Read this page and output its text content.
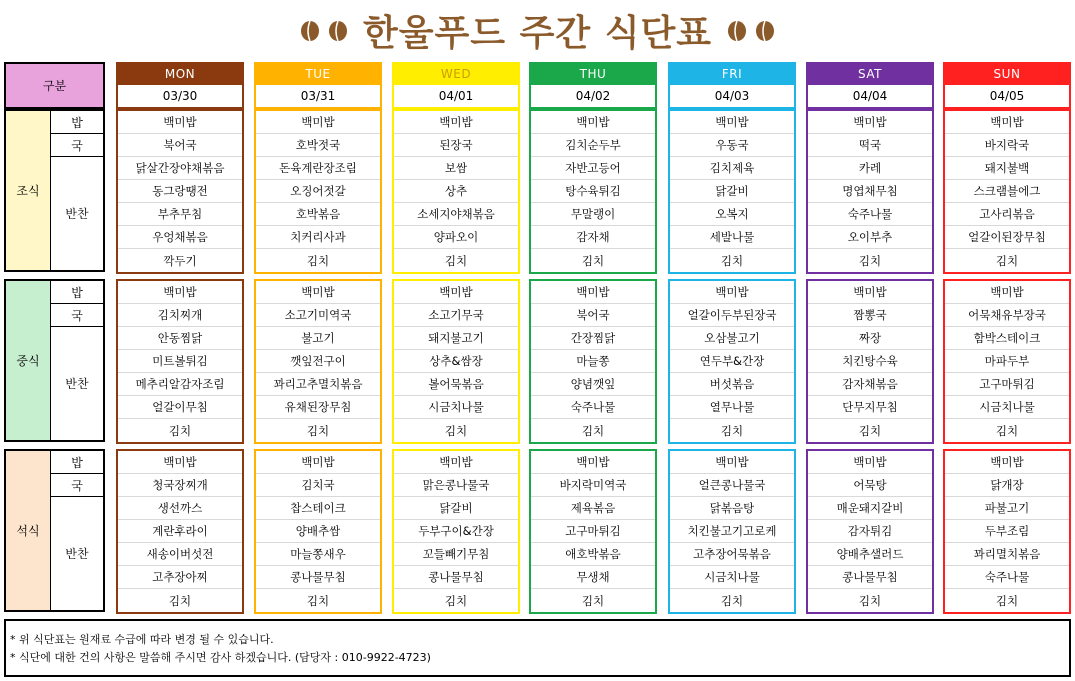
한울푸드 주간 식단표
구분
조식
밥
국
반찬
중식
밥
국
반찬
석식
밥
국
반찬
MON
03/30
백미밥
북어국
닭살간장야채볶음
동그랑땡전
부추무침
우엉채볶음
깍두기
백미밥
김치찌개
안동찜닭
미트볼튀김
메추리알감자조림
얼갈이무침
김치
백미밥
청국장찌개
생선까스
계란후라이
새송이버섯전
고추장아찌
김치
TUE
03/31
백미밥
호박젓국
돈육계란장조림
오징어젓갈
호박볶음
치커리사과
김치
백미밥
소고기미역국
불고기
깻잎전구이
꽈리고추멸치볶음
유채된장무침
김치
백미밥
김치국
찹스테이크
양배추쌈
마늘쫑새우
콩나물무침
김치
WED
04/01
백미밥
된장국
보쌈
상추
소세지야채볶음
양파오이
김치
백미밥
소고기무국
돼지불고기
상추&쌈장
볼어묵볶음
시금치나물
김치
백미밥
맑은콩나물국
닭갈비
두부구이&간장
꼬들빼기무침
콩나물무침
김치
THU
04/02
백미밥
김치순두부
자반고등어
탕수육튀김
무말랭이
감자채
김치
백미밥
북어국
간장찜닭
마늘쫑
양념깻잎
숙주나물
김치
백미밥
바지락미역국
제육볶음
고구마튀김
애호박볶음
무생채
김치
FRI
04/03
백미밥
우동국
김치제육
닭갈비
오복지
세발나물
김치
백미밥
얼갈이두부된장국
오삼불고기
연두부&간장
버섯볶음
열무나물
김치
백미밥
얼큰콩나물국
닭볶음탕
치킨불고기고로케
고추장어묵볶음
시금치나물
김치
SAT
04/04
백미밥
떡국
카레
명엽채무침
숙주나물
오이부추
김치
백미밥
짬뽕국
짜장
치킨탕수육
감자채볶음
단무지무침
김치
백미밥
어묵탕
매운돼지갈비
감자튀김
양배추샐러드
콩나물무침
김치
SUN
04/05
백미밥
바지락국
돼지불백
스크램블에그
고사리볶음
얼갈이된장무침
김치
백미밥
어묵채유부장국
함박스테이크
마파두부
고구마튀김
시금치나물
김치
백미밥
닭개장
파불고기
두부조림
꽈리멸치볶음
숙주나물
김치
* 위 식단표는 원재료 수급에 따라 변경 될 수 있습니다.
* 식단에 대한 건의 사항은 말씀해 주시면 감사 하겠습니다. (담당자 : 010-9922-4723)
